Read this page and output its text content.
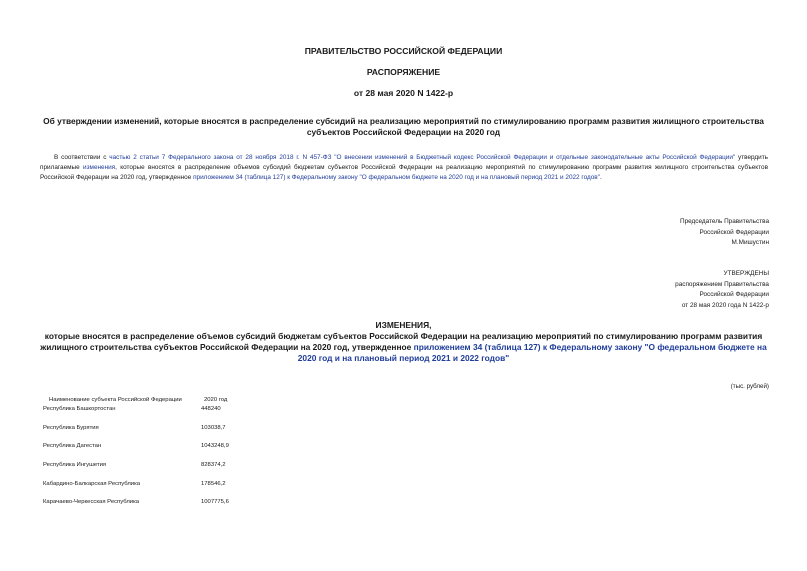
ПРАВИТЕЛЬСТВО РОССИЙСКОЙ ФЕДЕРАЦИИ
РАСПОРЯЖЕНИЕ
от 28 мая 2020 N 1422-р
Об утверждении изменений, которые вносятся в распределение субсидий на реализацию мероприятий по стимулированию программ развития жилищного строительства субъектов Российской Федерации на 2020 год
В соответствии с частью 2 статьи 7 Федерального закона от 28 ноября 2018 г. N 457-ФЗ "О внесении изменений в Бюджетный кодекс Российской Федерации и отдельные законодательные акты Российской Федерации" утвердить прилагаемые изменения, которые вносятся в распределение объемов субсидий бюджетам субъектов Российской Федерации на реализацию мероприятий по стимулированию программ развития жилищного строительства субъектов Российской Федерации на 2020 год, утвержденное приложением 34 (таблица 127) к Федеральному закону "О федеральном бюджете на 2020 год и на плановый период 2021 и 2022 годов".
Председатель Правительства
Российской Федерации
М.Мишустин
УТВЕРЖДЕНЫ
распоряжением Правительства
Российской Федерации
от 28 мая 2020 года N 1422-р
ИЗМЕНЕНИЯ,
которые вносятся в распределение объемов субсидий бюджетам субъектов Российской Федерации на реализацию мероприятий по стимулированию программ развития жилищного строительства субъектов Российской Федерации на 2020 год, утвержденное приложением 34 (таблица 127) к Федеральному закону "О федеральном бюджете на 2020 год и на плановый период 2021 и 2022 годов"
(тыс. рублей)
Наименование субъекта Российской Федерации	2020 год
Республика Башкортостан	448240
Республика Бурятия	103038,7
Республика Дагестан	1043248,9
Республика Ингушетия	828374,2
Кабардино-Балкарская Республика	178546,2
Карачаево-Черкесская Республика	1007775,6
